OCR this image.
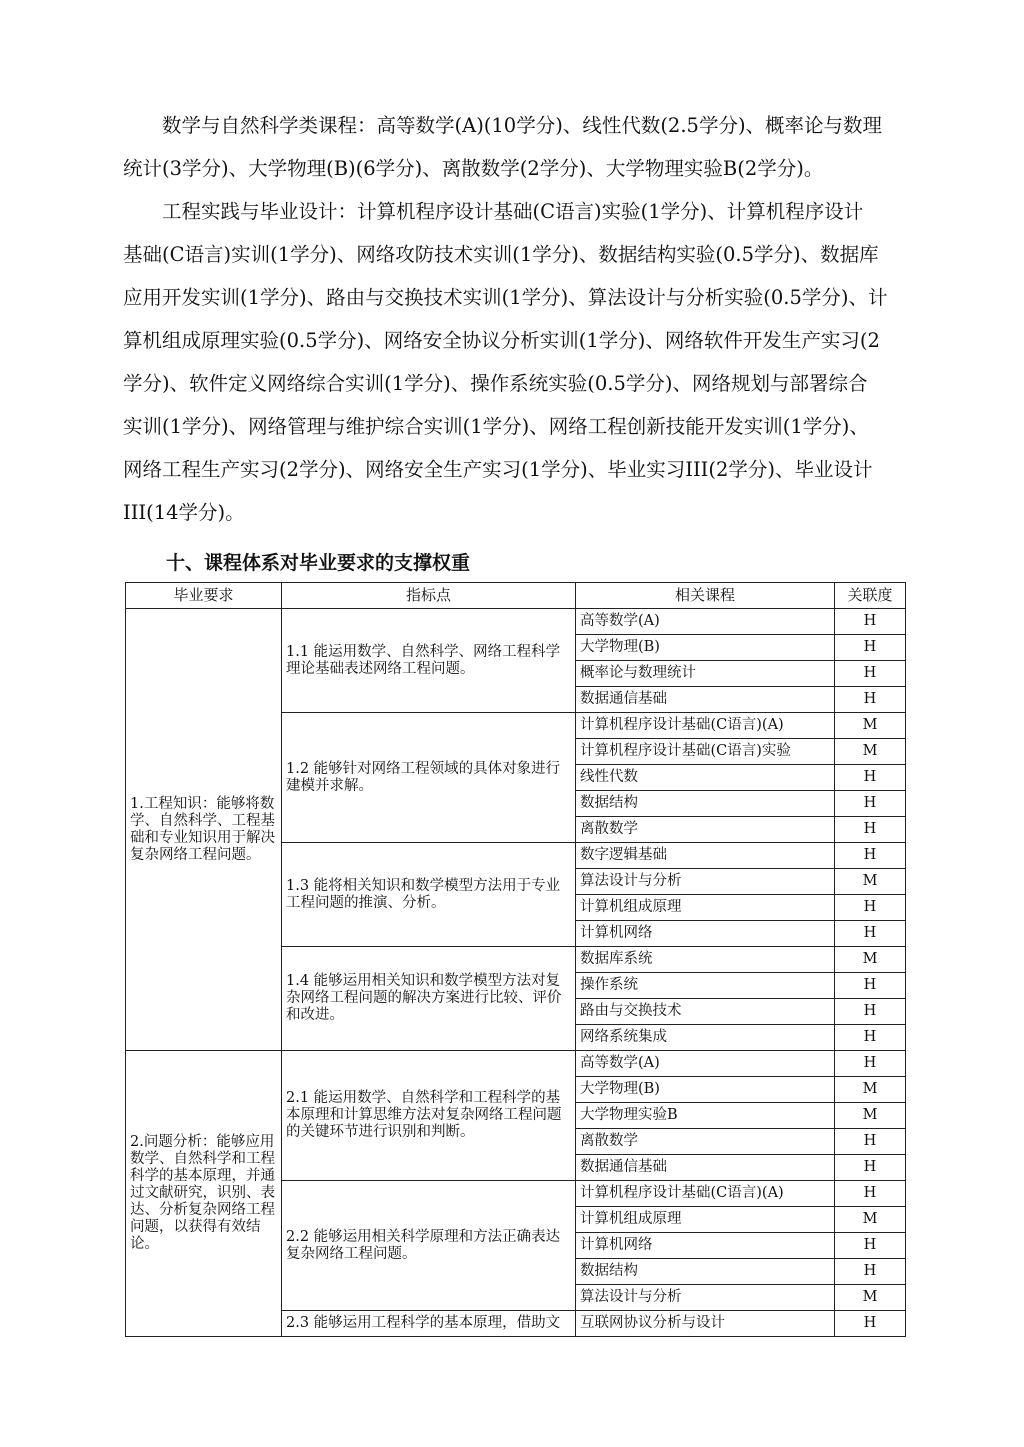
　　数学与自然科学类课程：高等数学(A)(10学分)、线性代数(2.5学分)、概率论与数理
统计(3学分)、大学物理(B)(6学分)、离散数学(2学分)、大学物理实验B(2学分)。
　　工程实践与毕业设计：计算机程序设计基础(C语言)实验(1学分)、计算机程序设计
基础(C语言)实训(1学分)、网络攻防技术实训(1学分)、数据结构实验(0.5学分)、数据库
应用开发实训(1学分)、路由与交换技术实训(1学分)、算法设计与分析实验(0.5学分)、计
算机组成原理实验(0.5学分)、网络安全协议分析实训(1学分)、网络软件开发生产实习(2
学分)、软件定义网络综合实训(1学分)、操作系统实验(0.5学分)、网络规划与部署综合
实训(1学分)、网络管理与维护综合实训(1学分)、网络工程创新技能开发实训(1学分)、
网络工程生产实习(2学分)、网络安全生产实习(1学分)、毕业实习III(2学分)、毕业设计
III(14学分)。
十、课程体系对毕业要求的支撑权重
毕业要求	指标点	相关课程	关联度
1.工程知识：能够将数学、自然科学、工程基础和专业知识用于解决复杂网络工程问题。	1.1 能运用数学、自然科学、网络工程科学理论基础表述网络工程问题。	高等数学(A)	H
		大学物理(B)	H
		概率论与数理统计	H
		数据通信基础	H
	1.2 能够针对网络工程领域的具体对象进行建模并求解。	计算机程序设计基础(C语言)(A)	M
		计算机程序设计基础(C语言)实验	M
		线性代数	H
		数据结构	H
		离散数学	H
	1.3 能将相关知识和数学模型方法用于专业工程问题的推演、分析。	数字逻辑基础	H
		算法设计与分析	M
		计算机组成原理	H
		计算机网络	H
	1.4 能够运用相关知识和数学模型方法对复杂网络工程问题的解决方案进行比较、评价和改进。	数据库系统	M
		操作系统	H
		路由与交换技术	H
		网络系统集成	H
2.问题分析：能够应用数学、自然科学和工程科学的基本原理，并通过文献研究，识别、表达、分析复杂网络工程问题，以获得有效结论。	2.1 能运用数学、自然科学和工程科学的基本原理和计算思维方法对复杂网络工程问题的关键环节进行识别和判断。	高等数学(A)	H
		大学物理(B)	M
		大学物理实验B	M
		离散数学	H
		数据通信基础	H
	2.2 能够运用相关科学原理和方法正确表达复杂网络工程问题。	计算机程序设计基础(C语言)(A)	H
		计算机组成原理	M
		计算机网络	H
		数据结构	H
		算法设计与分析	M
	2.3 能够运用工程科学的基本原理，借助文	互联网协议分析与设计	H
